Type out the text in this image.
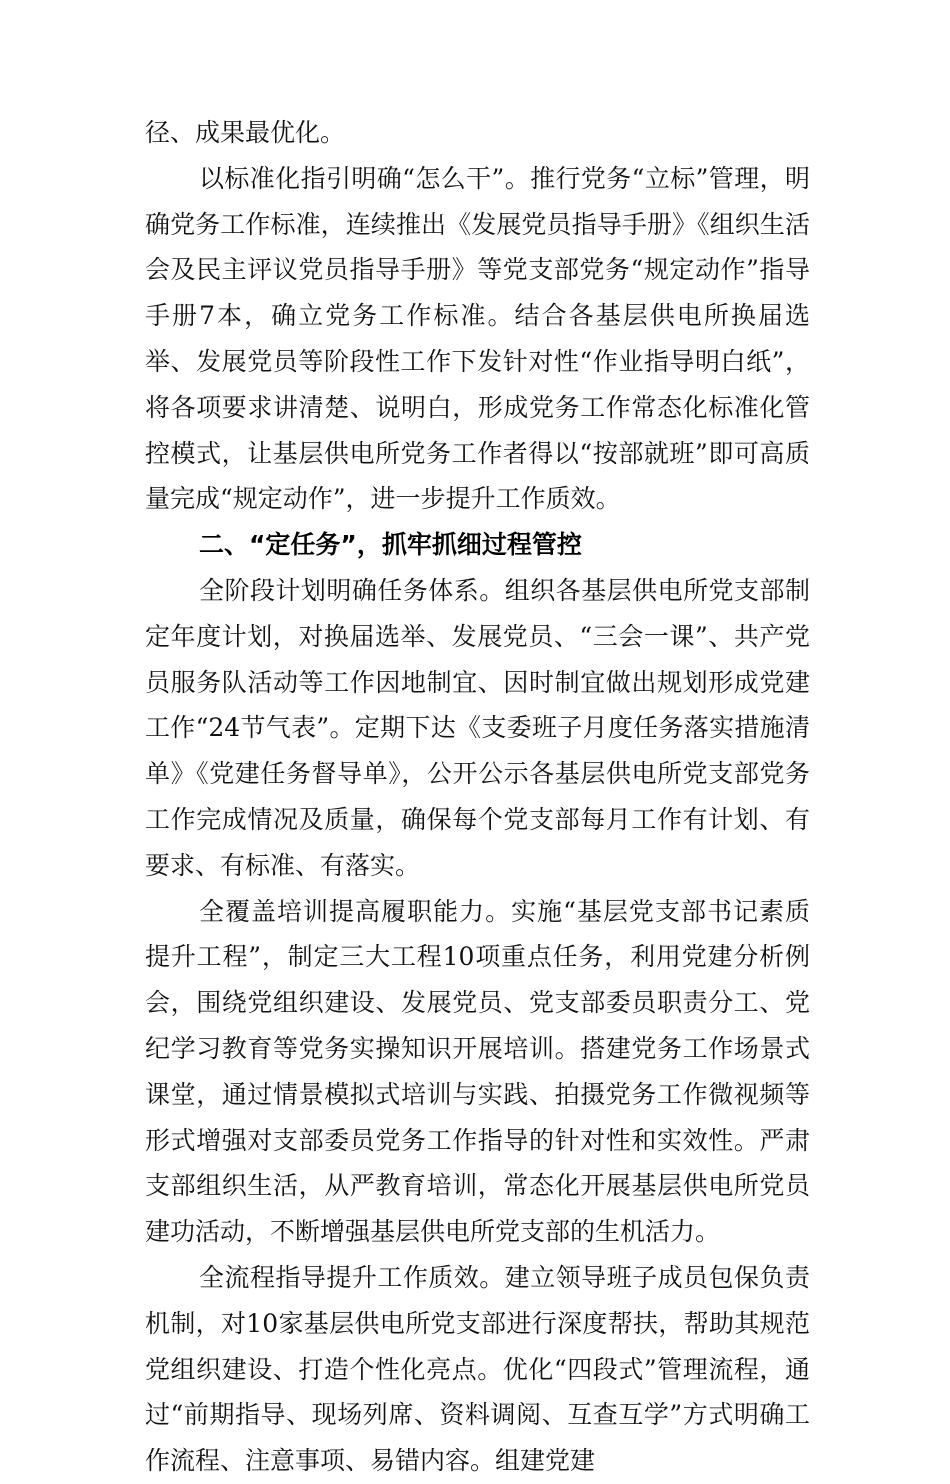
径、成果最优化。

以标准化指引明确“怎么干”。推行党务“立标”管理，明确党务工作标准，连续推出《发展党员指导手册》《组织生活会及民主评议党员指导手册》等党支部党务“规定动作”指导手册7本，确立党务工作标准。结合各基层供电所换届选举、发展党员等阶段性工作下发针对性“作业指导明白纸”，将各项要求讲清楚、说明白，形成党务工作常态化标准化管控模式，让基层供电所党务工作者得以“按部就班”即可高质量完成“规定动作”，进一步提升工作质效。

二、“定任务”，抓牢抓细过程管控

全阶段计划明确任务体系。组织各基层供电所党支部制定年度计划，对换届选举、发展党员、“三会一课”、共产党员服务队活动等工作因地制宜、因时制宜做出规划形成党建工作“24节气表”。定期下达《支委班子月度任务落实措施清单》《党建任务督导单》，公开公示各基层供电所党支部党务工作完成情况及质量，确保每个党支部每月工作有计划、有要求、有标准、有落实。

全覆盖培训提高履职能力。实施“基层党支部书记素质提升工程”，制定三大工程10项重点任务，利用党建分析例会，围绕党组织建设、发展党员、党支部委员职责分工、党纪学习教育等党务实操知识开展培训。搭建党务工作场景式课堂，通过情景模拟式培训与实践、拍摄党务工作微视频等形式增强对支部委员党务工作指导的针对性和实效性。严肃支部组织生活，从严教育培训，常态化开展基层供电所党员建功活动，不断增强基层供电所党支部的生机活力。

全流程指导提升工作质效。建立领导班子成员包保负责机制，对10家基层供电所党支部进行深度帮扶，帮助其规范党组织建设、打造个性化亮点。优化“四段式”管理流程，通过“前期指导、现场列席、资料调阅、互查互学”方式明确工作流程、注意事项、易错内容。组建党建
